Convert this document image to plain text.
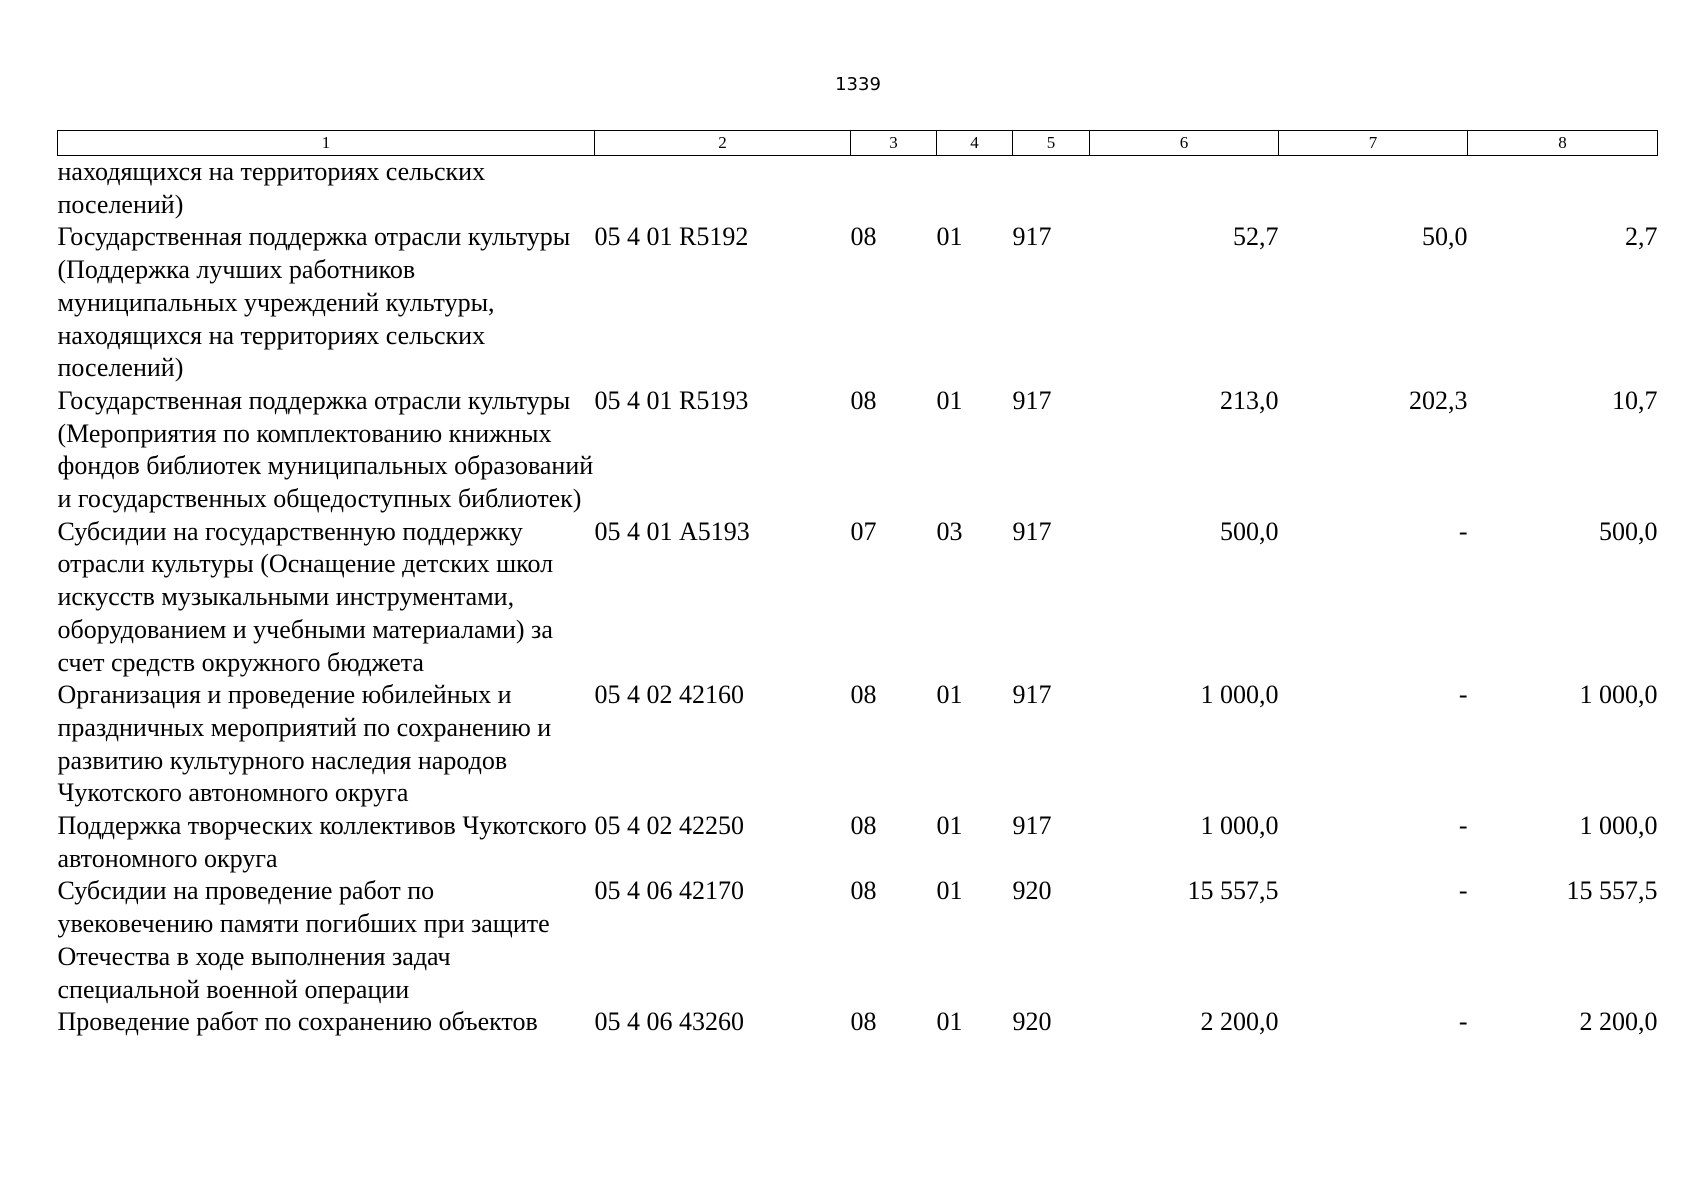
1339
1	2	3	4	5	6	7	8
находящихся на территориях сельских поселений)							
Государственная поддержка отрасли культуры (Поддержка лучших работников муниципальных учреждений культуры, находящихся на территориях сельских поселений)	05 4 01 R5192	08	01	917	52,7	50,0	2,7
Государственная поддержка отрасли культуры (Мероприятия по комплектованию книжных фондов библиотек муниципальных образований и государственных общедоступных библиотек)	05 4 01 R5193	08	01	917	213,0	202,3	10,7
Субсидии на государственную поддержку отрасли культуры (Оснащение детских школ искусств музыкальными инструментами, оборудованием и учебными материалами) за счет средств окружного бюджета	05 4 01 А5193	07	03	917	500,0	-	500,0
Организация и проведение юбилейных и праздничных мероприятий по сохранению и развитию культурного наследия народов Чукотского автономного округа	05 4 02 42160	08	01	917	1 000,0	-	1 000,0
Поддержка творческих коллективов Чукотского автономного округа	05 4 02 42250	08	01	917	1 000,0	-	1 000,0
Субсидии на проведение работ по увековечению памяти погибших при защите Отечества в ходе выполнения задач специальной военной операции	05 4 06 42170	08	01	920	15 557,5	-	15 557,5
Проведение работ по сохранению объектов	05 4 06 43260	08	01	920	2 200,0	-	2 200,0
